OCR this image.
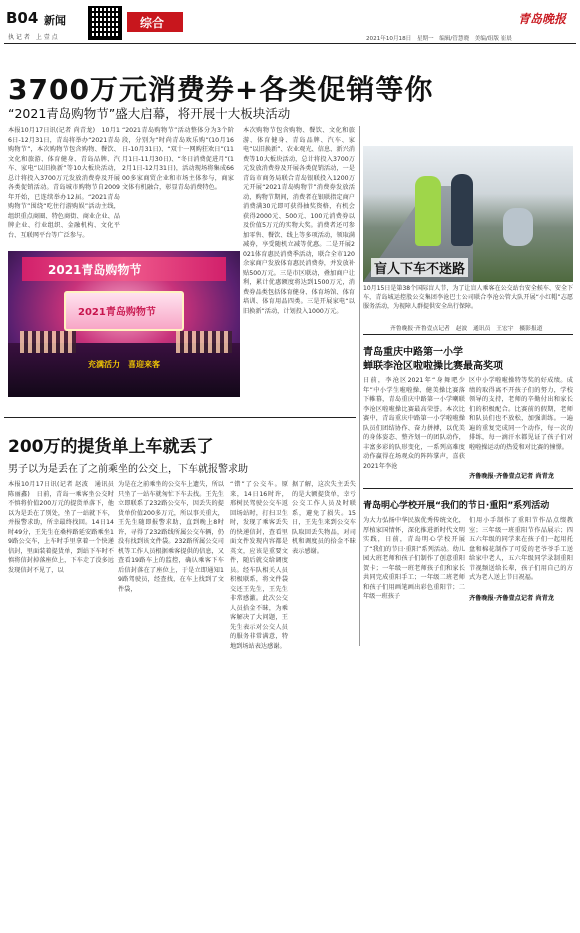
B04 新闻
执 记 者　上 壹 点
综合	青岛晚报
2021年10月18日　星期一　编辑/管慧晓　美编/组版 崔晨
3700万元消费券+各类促销等你
“2021青岛购物节”盛大启幕，将开展十大板块活动
本报10月17日讯(记者 尚青龙)　10月16日-12月31日，青岛将举办“2021青岛购物节”，本次购物节包含购物、餐饮、文化和旅游、体育健身、青岛品牌、汽车、家电“以旧换新”等10大板块活动，总计将投入3700万元发放消费券及开展各类促销活动。青岛城市购物节自2009年开始，已连续举办12届。“2021青岛购物节”围绕“吃住行游购娱”活动主线，组织重点商圈、特色商街、商业企业、品牌企业、行业组织、金融机构、文化平台、互联网平台等广泛参与。
“2021青岛购物节”活动整体分为3个阶段，分别为“时尚青岛欢乐购”(10月16日-10月31日)、“双十一网购狂欢日”(11月1日-11月30日)、“冬日消费促进月”(12月1日-12月31日)，活动现场将集成6600多家商贸企业和市场主体参与，商家文体有机融合，彰显青岛消费特色。
本次购物节包含购物、餐饮、文化和旅游、体育健身、青岛品牌、汽车、家电“以旧换新”、农业观光、信息、新兴消费等10大板块活动，总计将投入3700万元发放消费券及开展各类促销活动，一是青岛市商务局联合青岛银联投入1200万元开展“2021青岛购物节”消费券发放活动，购物节期间，消费者在银联指定商户消费满30元即可获得抽奖资格，有机会获得2000元、500元、100元消费券以及价值5万元的实物大奖。消费者还可参加零售、餐饮、线上等多项活动，领取满减券，享受随机立减等优惠。二是开展2021体育惠民消费季活动，联合全市120余家商户发放体育惠民消费券，并发放补贴500万元。三是市区联动，叠加商户让利，累计优惠额度将达到1500万元，消费券品类包括体育健身、体育场馆、体育培训、体育用品四类。三是开展家电“以旧换新”活动，计划投入1000万元。
2021青岛购物节
2021青岛购物节
充满活力　喜迎来客
盲人下车不迷路
10月15日是第38个国际盲人节，为了让盲人乘客在公交站台安全候车、安全下车，青岛城运控股公交集团李沧巴士公司联合李沧公管大队开展“小红帽”志愿服务活动，为视障人群提供安全出行保障。
齐鲁晚报·齐鲁壹点记者　赵波　通讯员　王宏宇　摄影报道
青岛重庆中路第一小学
蝉联李沧区啦啦操比赛最高奖项
日前，李沧区2021年“身舞吧少年”中小学生啦啦操、健美操比赛落下帷幕，青岛重庆中路第一小学喇联李沧区啦啦操比赛最高荣誉。本次比赛中，青岛重庆中路第一小学啦啦操队员们团结协作、奋力拼搏，以优美的身体姿态、整齐划一的团队动作，丰富多彩的队形变化，一系列高难度动作赢得在场观众的阵阵掌声，喜获2021年李沧
区中小学啦啦操特等奖的好成绩。成绩的取得离不开孩子们的努力，学校领导的支持，老师的辛勤付出和家长们的积极配合。比赛前的假期，老师和队员们也不放松，加强训练。一遍遍的重复完成同一个动作，每一次的排练，每一滴汗水都见证了孩子们对啦啦操运动的热爱和对比赛的憧憬。
齐鲁晚报·齐鲁壹点记者 尚青龙
青岛明心学校开展“我们的节日·重阳”系列活动
为大力弘扬中华民族优秀传统文化，厚植家国情怀，深化推进新时代文明实践，日前，青岛明心学校开展了“我们的节日·重阳”系列活动。幼儿园大班老师和孩子们制作了创意重阳贺卡；一年级一班老师孩子们和家长共同完成重阳手工；一年级二班老师和孩子们用画笔画出彩色重阳节；二年级一班孩子
们用小手制作了重阳节作品点缀教室；三年级一班重阳节作品展示；四五六年级的同学来在孩子们一起用托盘和棉花制作了可爱的老爷爷手工送给家中老人，五六年级同学录制重阳节视频送给长辈，孩子们用自己的方式为老人送上节日祝福。
齐鲁晚报·齐鲁壹点记者 尚青龙
200万的提货单上车就丢了
男子以为是丢在了之前乘坐的公交上，下车就报警求助
本报10月17日讯(记者 赵波　通讯员 陈丽鑫)　日前，青岛一乘客坐公交时不慎将价值200万元的提货单落下，他以为是丢在了别处，坐了一站就下车，并报警求助，所幸最终找回。14日14时49分，王先生在桑梓路延安路乘坐19路公交车，上车时手里拿着一个快递信封，里面装着提货单，到站下车时不慎将信封掉落座位上，下车走了没多远发现信封不见了，以
为是在之前乘坐的公交车上遗失，所以只坐了一站车就匆忙下车去找。王先生立即联系了232路公交车，因丢失的提货单价值200多万元，所以事关重大，王先生随即报警求助，直到晚上8时许，寻得了232路线所属公交车辆，仍没有找到该文件袋。232路所属公交司机等工作人员根据乘客提供的信息，又查看19路车上的监控，确认乘客下车后信封落在了座位上，于是立即通知19路驾驶员，经查找，在车上找到了文件袋，
“错”了公交车。原来，14日16时许，邢树民驾驶公交车返回场站时，打扫卫生时，发现了乘客丢失的快递信封，查看里面文件发现内容都是英文，应该是重要文件，随后就交给调度员。经车队相关人员积极联系，将文件袋交还王先生，王先生非常感激。此次公交人员拾金不昧，为乘客解决了大问题，王先生表示对公交人员的服务非常满意，特地到场站表达感谢。
据了解，这次失主丢失的是大额提货单，幸亏公交工作人员及时联系，避免了损失。15日，王先生来到公交车队取回丢失物品，对司机和调度员的拾金不昧表示感谢。
